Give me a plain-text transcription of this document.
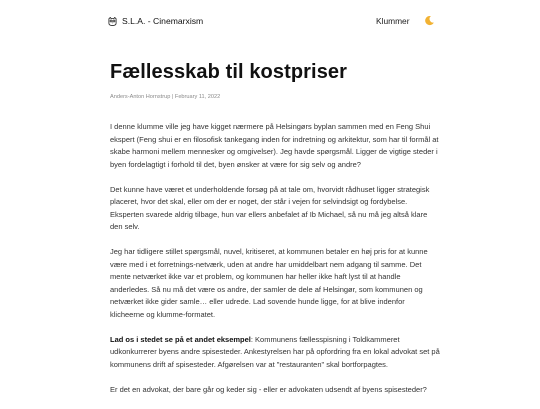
S.L.A. - Cinemarxism	Klummer
Fællesskab til kostpriser
Anders-Anton Hornstrup | February 11, 2022

I denne klumme ville jeg have kigget nærmere på Helsingørs byplan sammen med en Feng Shui ekspert (Feng shui er en filosofisk tankegang inden for indretning og arkitektur, som har til formål at skabe harmoni mellem mennesker og omgivelser). Jeg havde spørgsmål. Ligger de vigtige steder i byen fordelagtigt i forhold til det, byen ønsker at være for sig selv og andre?

Det kunne have været et underholdende forsøg på at tale om, hvorvidt rådhuset ligger strategisk placeret, hvor det skal, eller om der er noget, der står i vejen for selvindsigt og fordybelse. Eksperten svarede aldrig tilbage, hun var ellers anbefalet af Ib Michael, så nu må jeg altså klare den selv.

Jeg har tidligere stillet spørgsmål, nuvel, kritiseret, at kommunen betaler en høj pris for at kunne være med i et forretnings-netværk, uden at andre har umiddelbart nem adgang til samme. Det mente netværket ikke var et problem, og kommunen har heller ikke haft lyst til at handle anderledes. Så nu må det være os andre, der samler de dele af Helsingør, som kommunen og netværket ikke gider samle… eller udrede. Lad sovende hunde ligge, for at blive indenfor klicheerne og klumme-formatet.

Lad os i stedet se på et andet eksempel: Kommunens fællesspisning i Toldkammeret udkonkurrerer byens andre spisesteder. Ankestyrelsen har på opfordring fra en lokal advokat set på kommunens drift af spisesteder. Afgørelsen var at "restauranten" skal bortforpagtes.

Er det en advokat, der bare går og keder sig - eller er advokaten udsendt af byens spisesteder?
